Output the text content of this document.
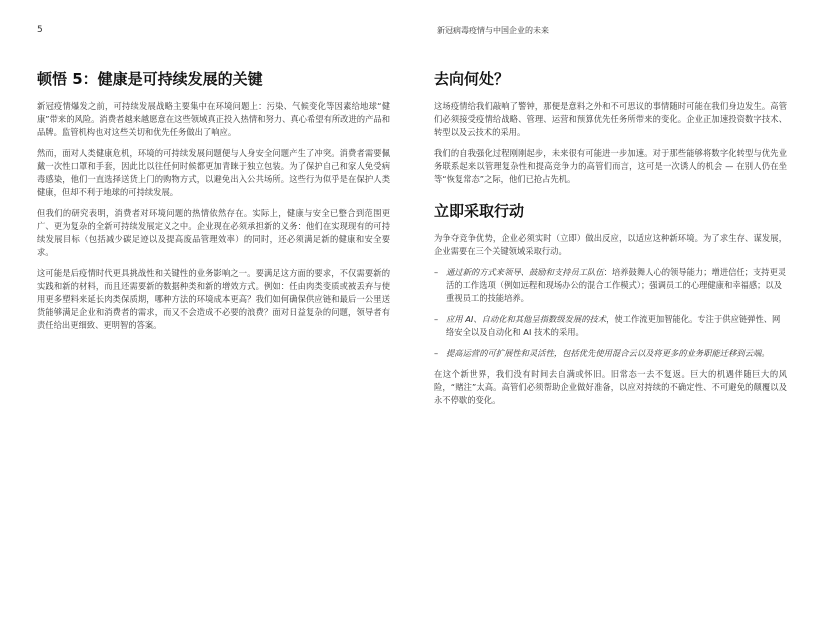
5	新冠病毒疫情与中国企业的未来
顿悟 5：健康是可持续发展的关键

新冠疫情爆发之前，可持续发展战略主要集中在环境问题上：污染、气候变化等因素给地球“健康”带来的风险。消费者越来越愿意在这些领域真正投入热情和努力、真心希望有所改进的产品和品牌。监管机构也对这些关切和优先任务做出了响应。

然而，面对人类健康危机，环境的可持续发展问题便与人身安全问题产生了冲突。消费者需要佩戴一次性口罩和手套，因此比以往任何时候都更加青睐于独立包装。为了保护自己和家人免受病毒感染，他们一直选择送货上门的购物方式，以避免出入公共场所。这些行为似乎是在保护人类健康，但却不利于地球的可持续发展。

但我们的研究表明，消费者对环境问题的热情依然存在。实际上，健康与安全已整合到范围更广、更为复杂的全新可持续发展定义之中。企业现在必须承担新的义务：他们在实现现有的可持续发展目标（包括减少碳足迹以及提高废品管理效率）的同时，还必须满足新的健康和安全要求。

这可能是后疫情时代更具挑战性和关键性的业务影响之一。要满足这方面的要求，不仅需要新的实践和新的材料，而且还需要新的数据种类和新的增效方式。例如：任由肉类变质或被丢弃与使用更多塑料来延长肉类保质期，哪种方法的环境成本更高？我们如何确保供应链和最后一公里送货能够满足企业和消费者的需求，而又不会造成不必要的浪费？面对日益复杂的问题，领导者有责任给出更细致、更明智的答案。

去向何处？

这场疫情给我们敲响了警钟，那便是意料之外和不可思议的事情随时可能在我们身边发生。高管们必须接受疫情给战略、管理、运营和预算优先任务所带来的变化。企业正加速投资数字技术、转型以及云技术的采用。

我们的自我强化过程刚刚起步，未来很有可能进一步加速。对于那些能够将数字化转型与优先业务联系起来以管理复杂性和提高竞争力的高管们而言，这可是一次诱人的机会 — 在别人仍在坐等“恢复常态”之际，他们已抢占先机。

立即采取行动

为争夺竞争优势，企业必须实时（立即）做出反应，以适应这种新环境。为了求生存、谋发展，企业需要在三个关键领域采取行动。

– 通过新的方式来领导、鼓励和支持员工队伍：培养鼓舞人心的领导能力；增进信任；支持更灵活的工作选项（例如远程和现场办公的混合工作模式）；强调员工的心理健康和幸福感；以及重视员工的技能培养。
– 应用 AI、自动化和其他呈指数级发展的技术，使工作流更加智能化。专注于供应链弹性、网络安全以及自动化和 AI 技术的采用。
– 提高运营的可扩展性和灵活性，包括优先使用混合云以及将更多的业务职能迁移到云端。

在这个新世界，我们没有时间去自满或怀旧。旧常态一去不复返。巨大的机遇伴随巨大的风险，“赌注”太高。高管们必须帮助企业做好准备，以应对持续的不确定性、不可避免的颠覆以及永不停歇的变化。
